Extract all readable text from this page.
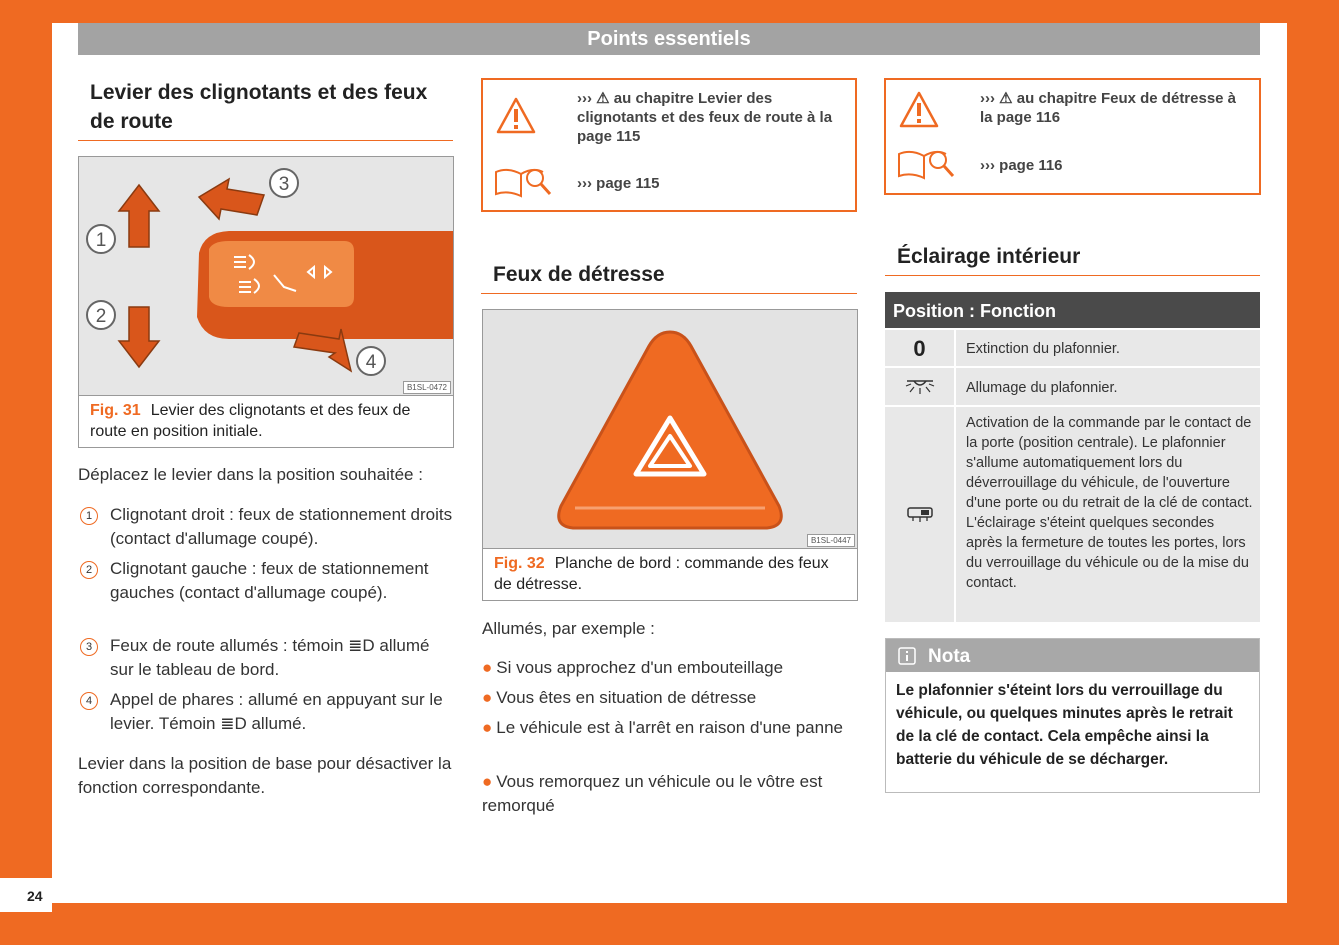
Points essentiels
24
Levier des clignotants et des feux de route
1
2
3
4
B1SL-0472
Fig. 31 Levier des clignotants et des feux de route en position initiale.
Déplacez le levier dans la position souhaitée :
1	Clignotant droit : feux de stationnement droits (contact d'allumage coupé).
2	Clignotant gauche : feux de stationnement gauches (contact d'allumage coupé).
3	Feux de route allumés : témoin ≣D allumé sur le tableau de bord.
4	Appel de phares : allumé en appuyant sur le levier. Témoin ≣D allumé.
Levier dans la position de base pour désactiver la fonction correspondante.
››› ⚠ au chapitre Levier des clignotants et des feux de route à la page 115
››› page 115
Feux de détresse
B1SL-0447
Fig. 32 Planche de bord : commande des feux de détresse.
Allumés, par exemple :
● Si vous approchez d'un embouteillage
● Vous êtes en situation de détresse
● Le véhicule est à l'arrêt en raison d'une panne
● Vous remorquez un véhicule ou le vôtre est remorqué
››› ⚠ au chapitre Feux de détresse à la page 116
››› page 116
Éclairage intérieur
Position : Fonction
0	Extinction du plafonnier.
Allumage du plafonnier.
Activation de la commande par le contact de la porte (position centrale). Le plafonnier s'allume automatiquement lors du déverrouillage du véhicule, de l'ouverture d'une porte ou du retrait de la clé de contact. L'éclairage s'éteint quelques secondes après la fermeture de toutes les portes, lors du verrouillage du véhicule ou de la mise du contact.
Nota
Le plafonnier s'éteint lors du verrouillage du véhicule, ou quelques minutes après le retrait de la clé de contact. Cela empêche ainsi la batterie du véhicule de se décharger.
